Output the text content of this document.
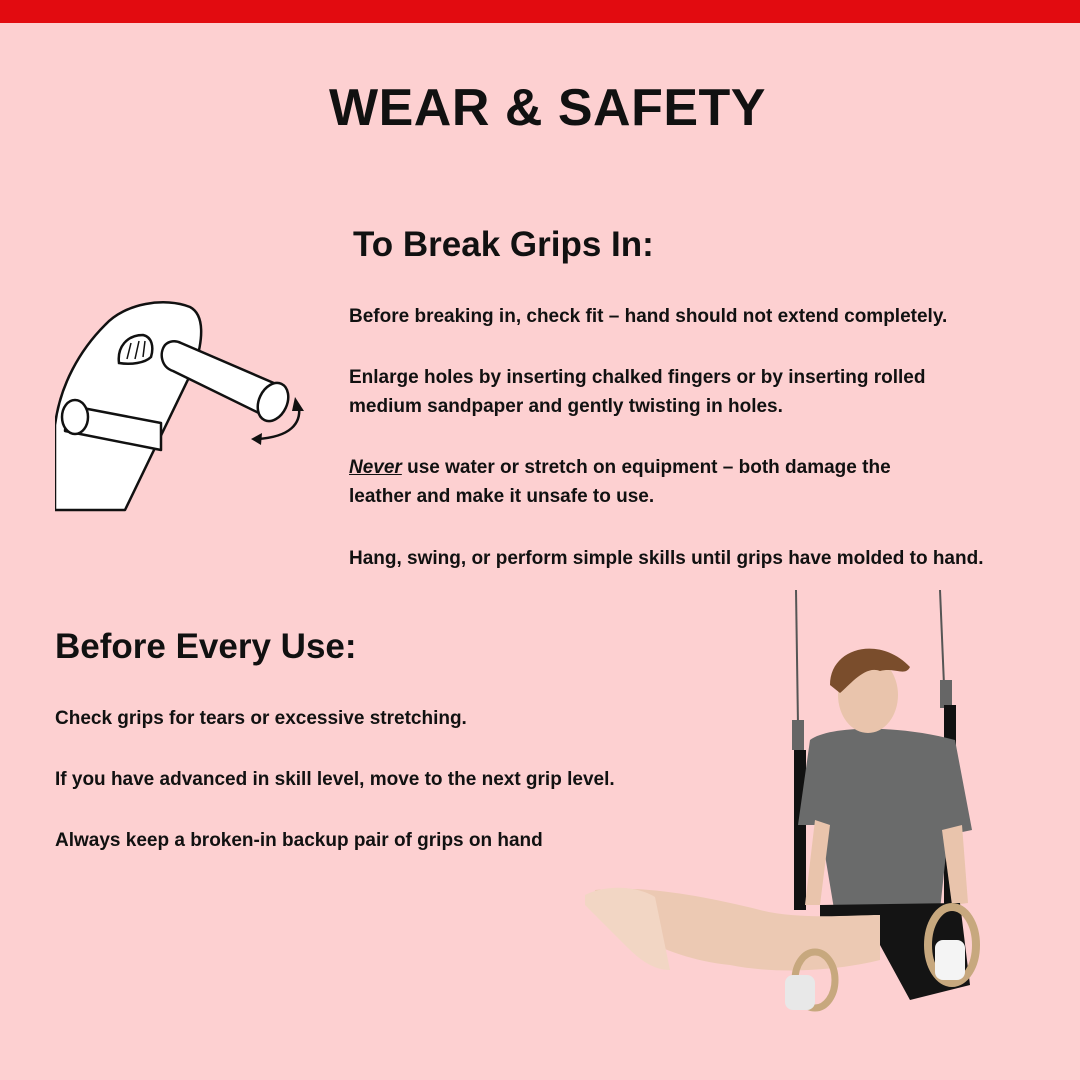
WEAR & SAFETY
To Break Grips In:

Before breaking in, check fit – hand should not extend completely.

Enlarge holes by inserting chalked fingers or by inserting rolled
medium sandpaper and gently twisting in holes.

Never use water or stretch on equipment – both damage the
leather and make it unsafe to use.

Hang, swing, or perform simple skills until grips have molded to hand.

Before Every Use:

Check grips for tears or excessive stretching.

If you have advanced in skill level, move to the next grip level.

Always keep a broken-in backup pair of grips on hand
